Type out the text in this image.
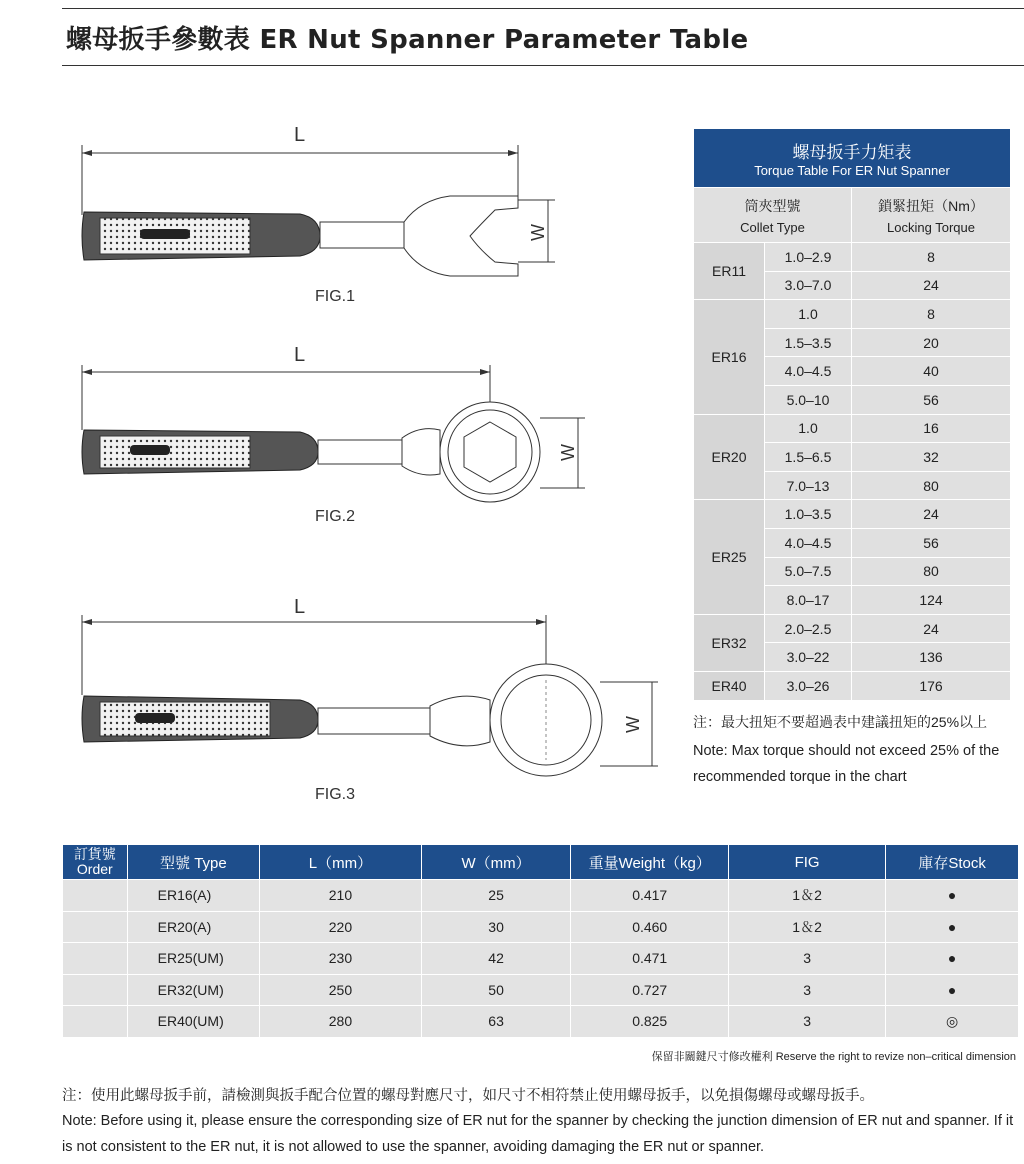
螺母扳手參數表 ER Nut Spanner Parameter Table
L
W
FIG.1
L
W
FIG.2
L
W
FIG.3
螺母扳手力矩表
Torque Table For ER Nut Spanner		

筒夾型號
Collet Type		鎖緊扭矩（Nm）
Locking Torque

ER11	1.0–2.9	8
	3.0–7.0	24
ER16	1.0	8
	1.5–3.5	20
	4.0–4.5	40
	5.0–10	56
ER20	1.0	16
	1.5–6.5	32
	7.0–13	80
ER25	1.0–3.5	24
	4.0–4.5	56
	5.0–7.5	80
	8.0–17	124
ER32	2.0–2.5	24
	3.0–22	136
ER40	3.0–26	176
注：最大扭矩不要超過表中建議扭矩的25%以上
Note: Max torque should not exceed 25% of the recommended torque in the chart
訂貨號
Order	型號 Type	L（mm）	W（mm）	重量Weight（kg）	FIG	庫存Stock
	ER16(A)	210	25	0.417	1＆2	●
	ER20(A)	220	30	0.460	1＆2	●
	ER25(UM)	230	42	0.471	3	●
	ER32(UM)	250	50	0.727	3	●
	ER40(UM)	280	63	0.825	3	◎
保留非關鍵尺寸修改權利 Reserve the right to revize non–critical dimension
注：使用此螺母扳手前，請檢測與扳手配合位置的螺母對應尺寸，如尺寸不相符禁止使用螺母扳手，以免損傷螺母或螺母扳手。
Note: Before using it, please ensure the corresponding size of ER nut for the spanner by checking the junction dimension of ER nut and spanner. If it is not consistent to the ER nut, it is not allowed to use the spanner, avoiding damaging the ER nut or spanner.
